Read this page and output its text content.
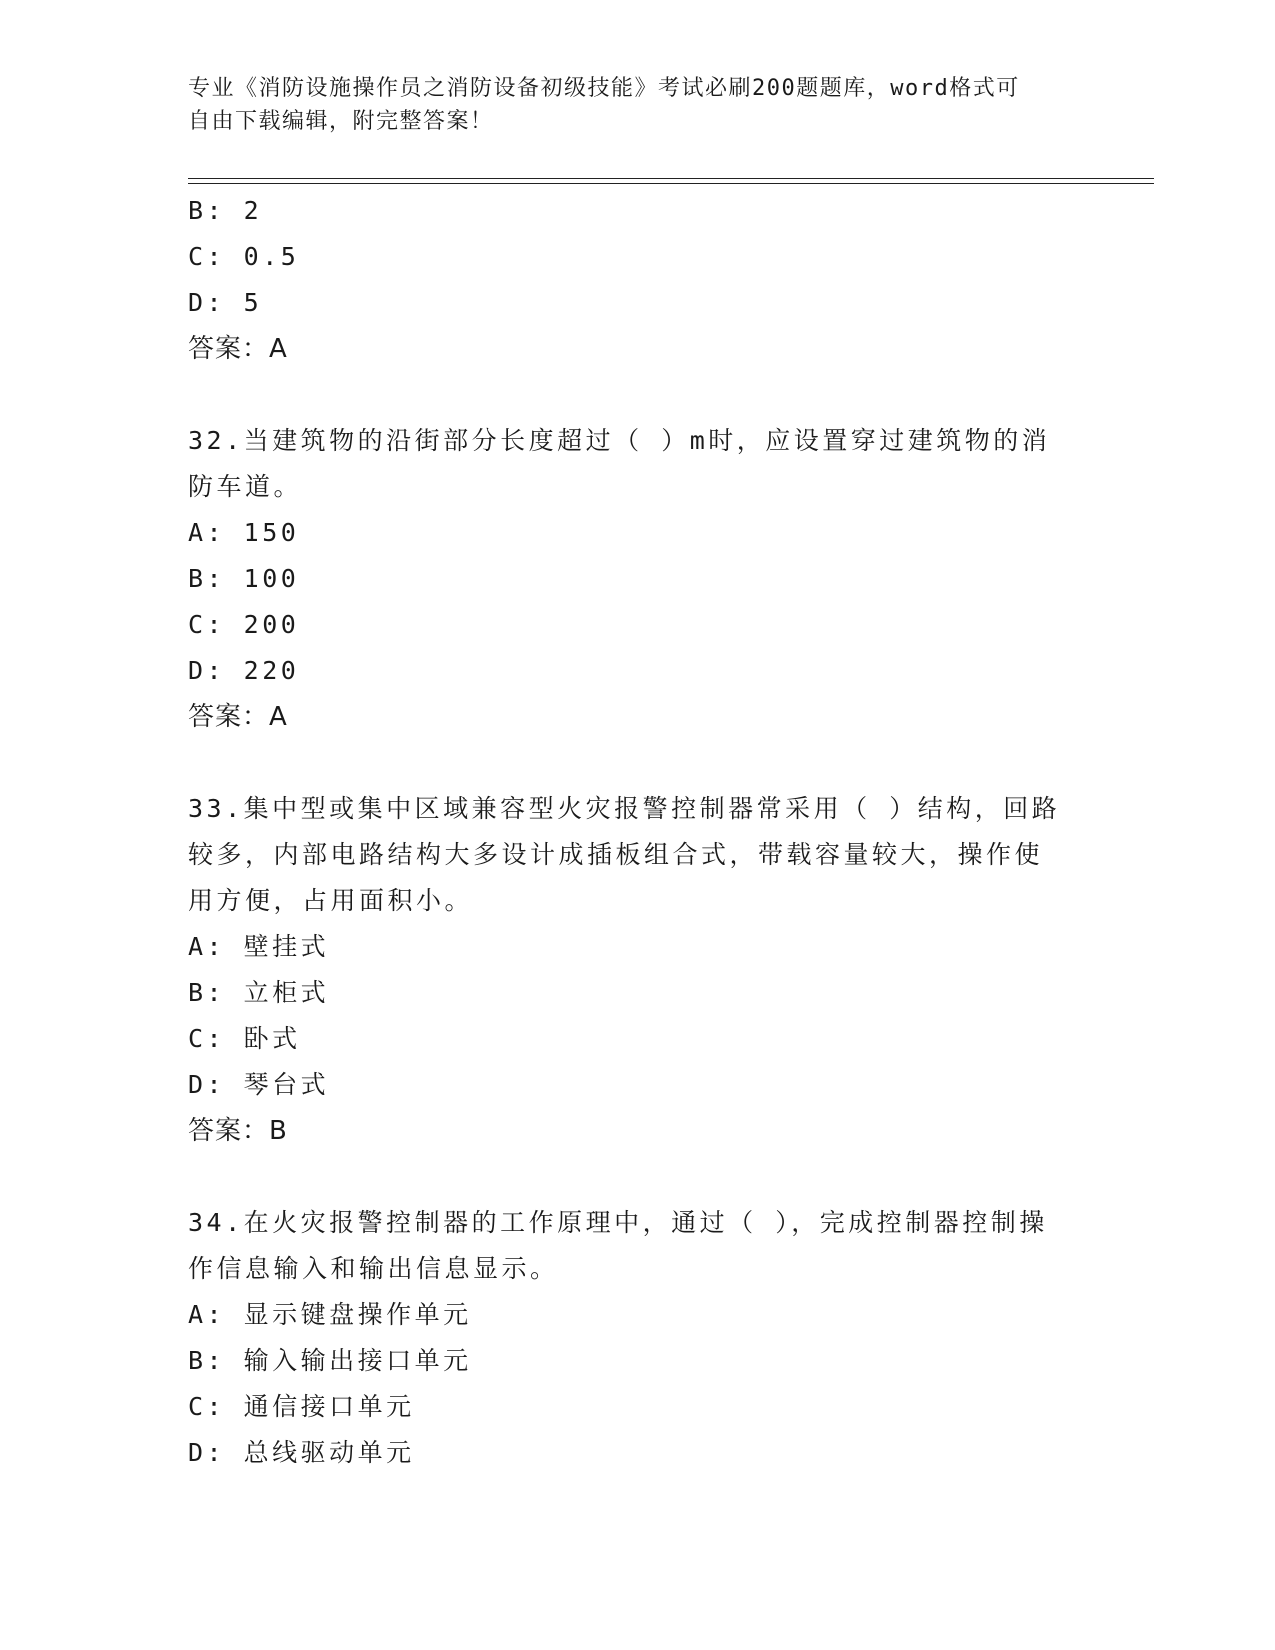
专业《消防设施操作员之消防设备初级技能》考试必刷200题题库，word格式可
自由下载编辑，附完整答案！
B: 2
C: 0.5
D: 5
答案：A
32.当建筑物的沿街部分长度超过（ ）m时，应设置穿过建筑物的消
防车道。
A: 150
B: 100
C: 200
D: 220
答案：A
33.集中型或集中区域兼容型火灾报警控制器常采用（ ）结构，回路
较多，内部电路结构大多设计成插板组合式，带载容量较大，操作使
用方便，占用面积小。
A: 壁挂式
B: 立柜式
C: 卧式
D: 琴台式
答案：B
34.在火灾报警控制器的工作原理中，通过（ ），完成控制器控制操
作信息输入和输出信息显示。
A: 显示键盘操作单元
B: 输入输出接口单元
C: 通信接口单元
D: 总线驱动单元
